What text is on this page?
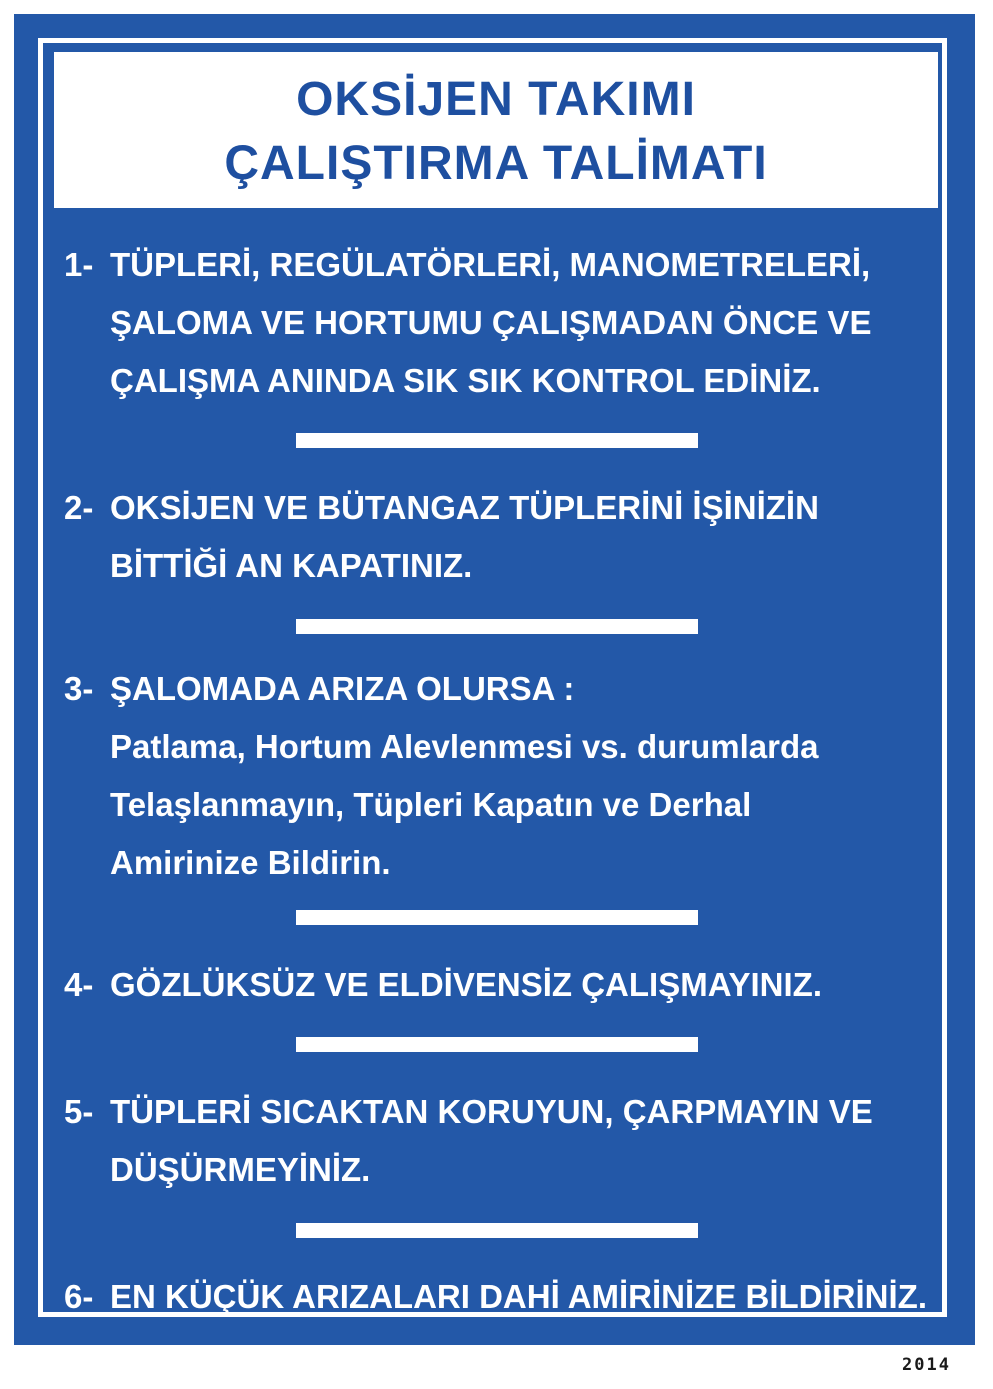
OKSİJEN TAKIMI
ÇALIŞTIRMA TALİMATI
1- TÜPLERİ, REGÜLATÖRLERİ, MANOMETRELERİ,
ŞALOMA VE HORTUMU ÇALIŞMADAN ÖNCE VE
ÇALIŞMA ANINDA SIK SIK KONTROL EDİNİZ.
2- OKSİJEN VE BÜTANGAZ TÜPLERİNİ İŞİNİZİN
BİTTİĞİ AN KAPATINIZ.
3- ŞALOMADA ARIZA OLURSA :
Patlama, Hortum Alevlenmesi vs. durumlarda
Telaşlanmayın, Tüpleri Kapatın ve Derhal
Amirinize Bildirin.
4- GÖZLÜKSÜZ VE ELDİVENSİZ ÇALIŞMAYINIZ.
5- TÜPLERİ SICAKTAN KORUYUN, ÇARPMAYIN VE
DÜŞÜRMEYİNİZ.
6- EN KÜÇÜK ARIZALARI DAHİ AMİRİNİZE BİLDİRİNİZ.
2014
